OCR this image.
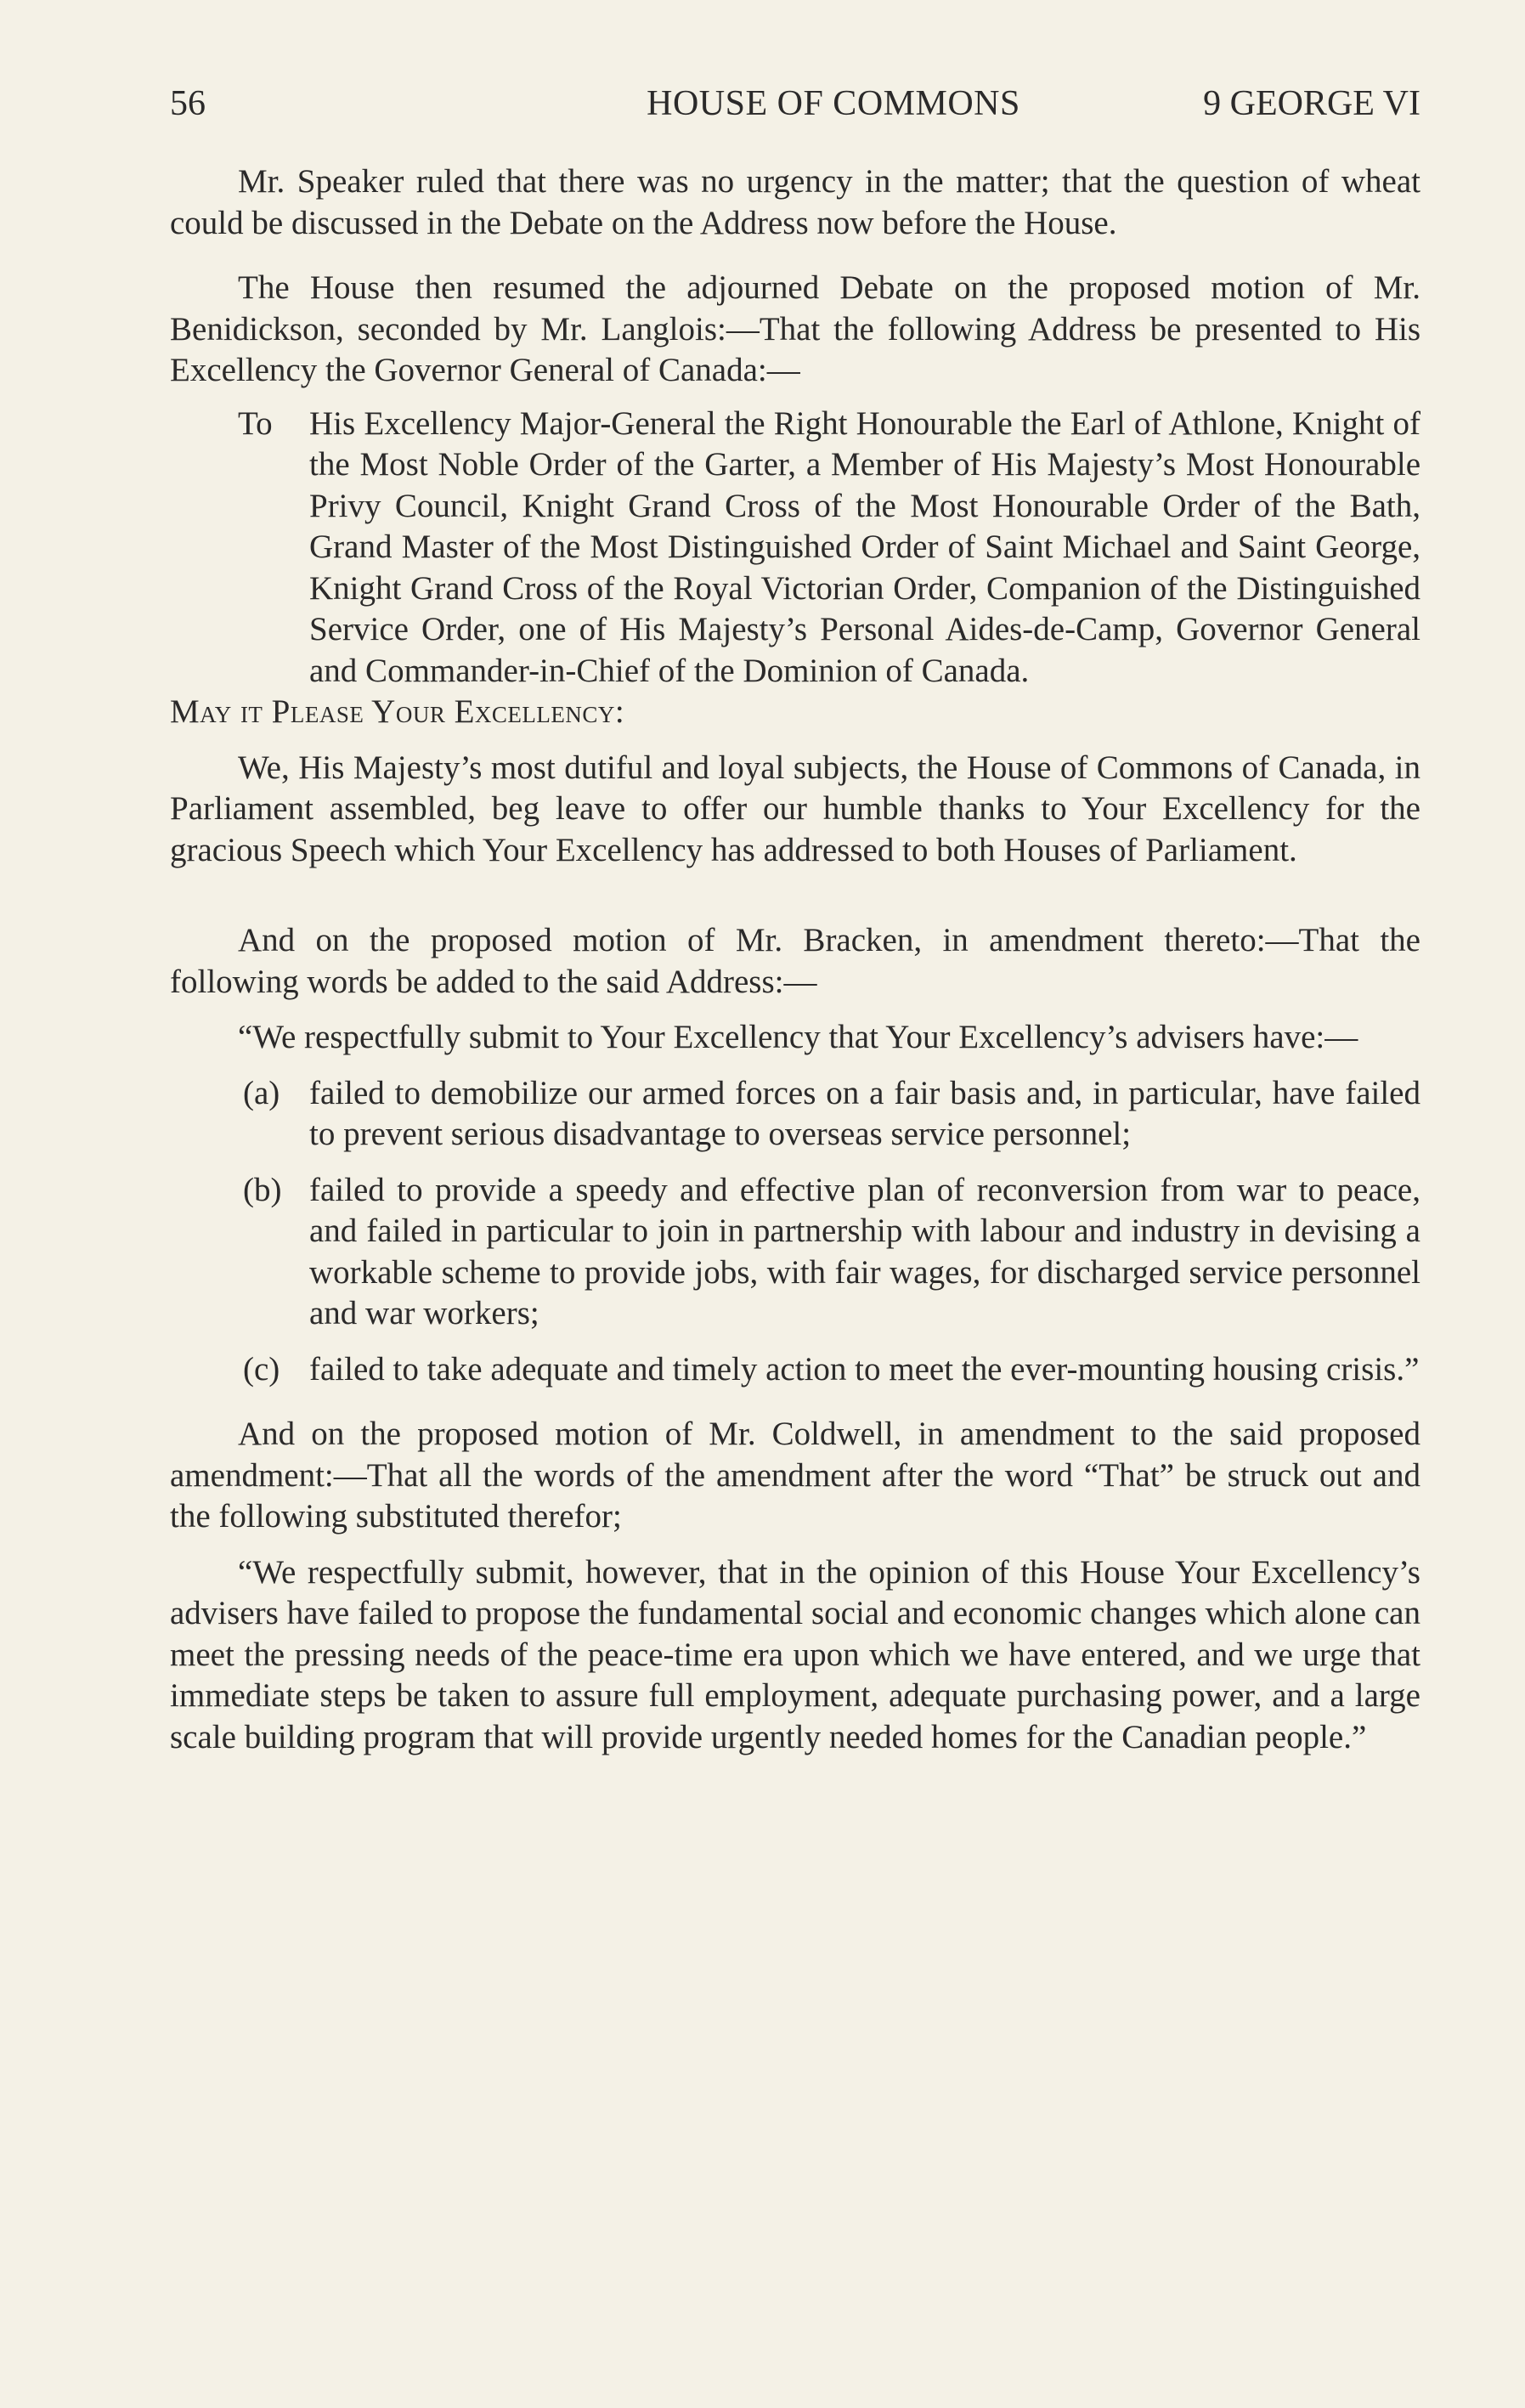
56	HOUSE OF COMMONS	9 GEORGE VI

Mr. Speaker ruled that there was no urgency in the matter; that the question of wheat could be discussed in the Debate on the Address now before the House.

The House then resumed the adjourned Debate on the proposed motion of Mr. Benidickson, seconded by Mr. Langlois:—That the following Address be presented to His Excellency the Governor General of Canada:—

To His Excellency Major-General the Right Honourable the Earl of Athlone, Knight of the Most Noble Order of the Garter, a Member of His Majesty’s Most Honourable Privy Council, Knight Grand Cross of the Most Honourable Order of the Bath, Grand Master of the Most Distinguished Order of Saint Michael and Saint George, Knight Grand Cross of the Royal Victorian Order, Companion of the Distinguished Service Order, one of His Majesty’s Personal Aides-de-Camp, Governor General and Commander-in-Chief of the Dominion of Canada.

May it Please Your Excellency:

We, His Majesty’s most dutiful and loyal subjects, the House of Commons of Canada, in Parliament assembled, beg leave to offer our humble thanks to Your Excellency for the gracious Speech which Your Excellency has addressed to both Houses of Parliament.

And on the proposed motion of Mr. Bracken, in amendment thereto:—That the following words be added to the said Address:—

“We respectfully submit to Your Excellency that Your Excellency’s advisers have:—

(a) failed to demobilize our armed forces on a fair basis and, in particular, have failed to prevent serious disadvantage to overseas service personnel;

(b) failed to provide a speedy and effective plan of reconversion from war to peace, and failed in particular to join in partnership with labour and industry in devising a workable scheme to provide jobs, with fair wages, for discharged service personnel and war workers;

(c) failed to take adequate and timely action to meet the ever-mounting housing crisis.”

And on the proposed motion of Mr. Coldwell, in amendment to the said proposed amendment:—That all the words of the amendment after the word “That” be struck out and the following substituted therefor;

“We respectfully submit, however, that in the opinion of this House Your Excellency’s advisers have failed to propose the fundamental social and economic changes which alone can meet the pressing needs of the peace-time era upon which we have entered, and we urge that immediate steps be taken to assure full employment, adequate purchasing power, and a large scale building program that will provide urgently needed homes for the Canadian people.”
